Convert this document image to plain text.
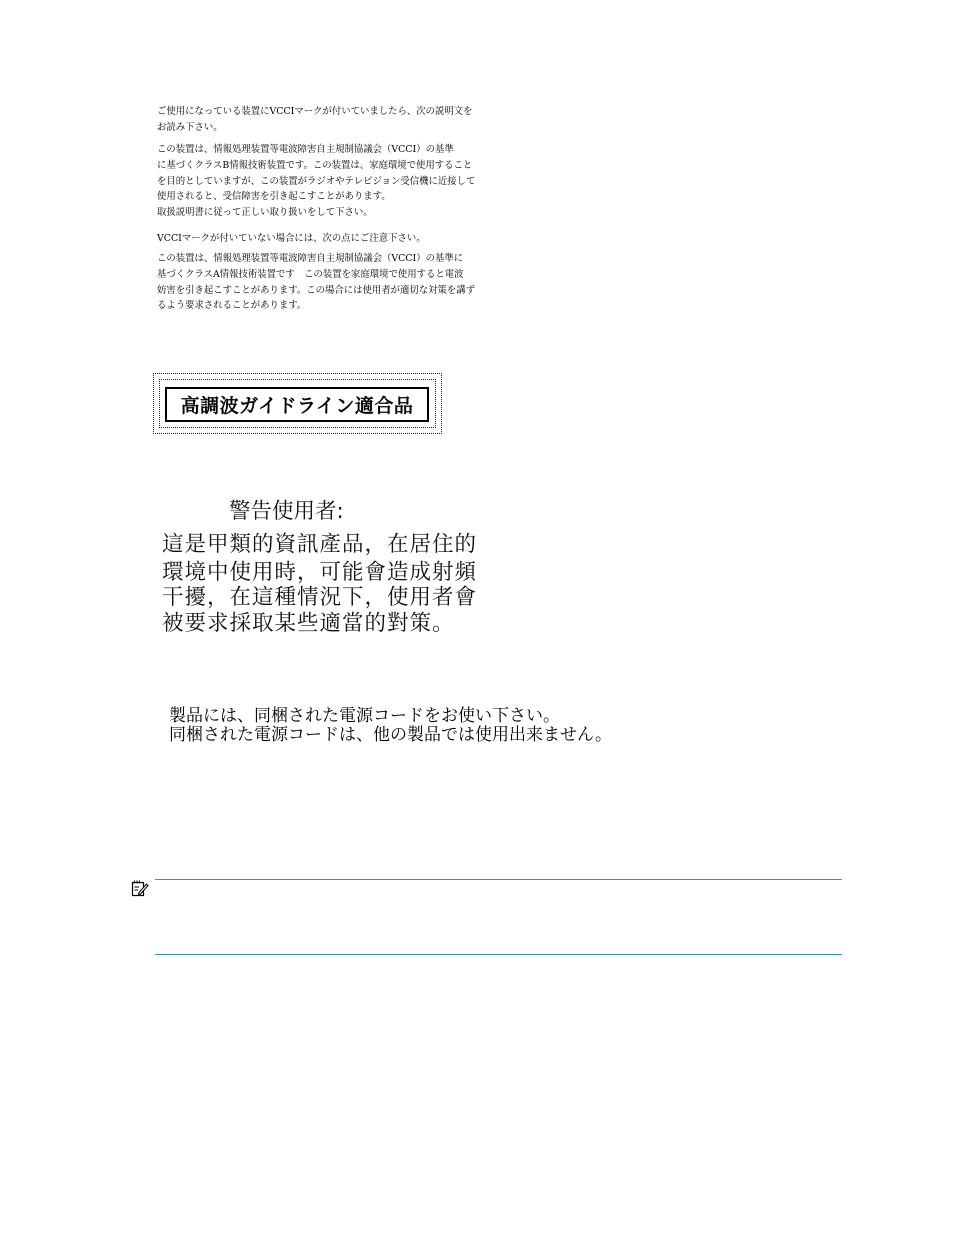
ご使用になっている装置にVCCIマークが付いていましたら、次の説明文を

お読み下さい。

この装置は、情報処理装置等電波障害自主規制協議会（VCCI）の基準

に基づくクラスB情報技術装置です。この装置は、家庭環境で使用すること

を目的としていますが、この装置がラジオやテレビジョン受信機に近接して

使用されると、受信障害を引き起こすことがあります。

取扱説明書に従って正しい取り扱いをして下さい。

VCCIマークが付いていない場合には、次の点にご注意下さい。

この装置は、情報処理装置等電波障害自主規制協議会（VCCI）の基準に

基づくクラスA情報技術装置です　この装置を家庭環境で使用すると電波

妨害を引き起こすことがあります。この場合には使用者が適切な対策を講ず

るよう要求されることがあります。

高調波ガイドライン適合品
警告使用者:
這是甲類的資訊產品，在居住的
環境中使用時，可能會造成射頻
干擾，在這種情況下，使用者會
被要求採取某些適當的對策。
製品には、同梱された電源コードをお使い下さい。
同梱された電源コードは、他の製品では使用出来ません。
